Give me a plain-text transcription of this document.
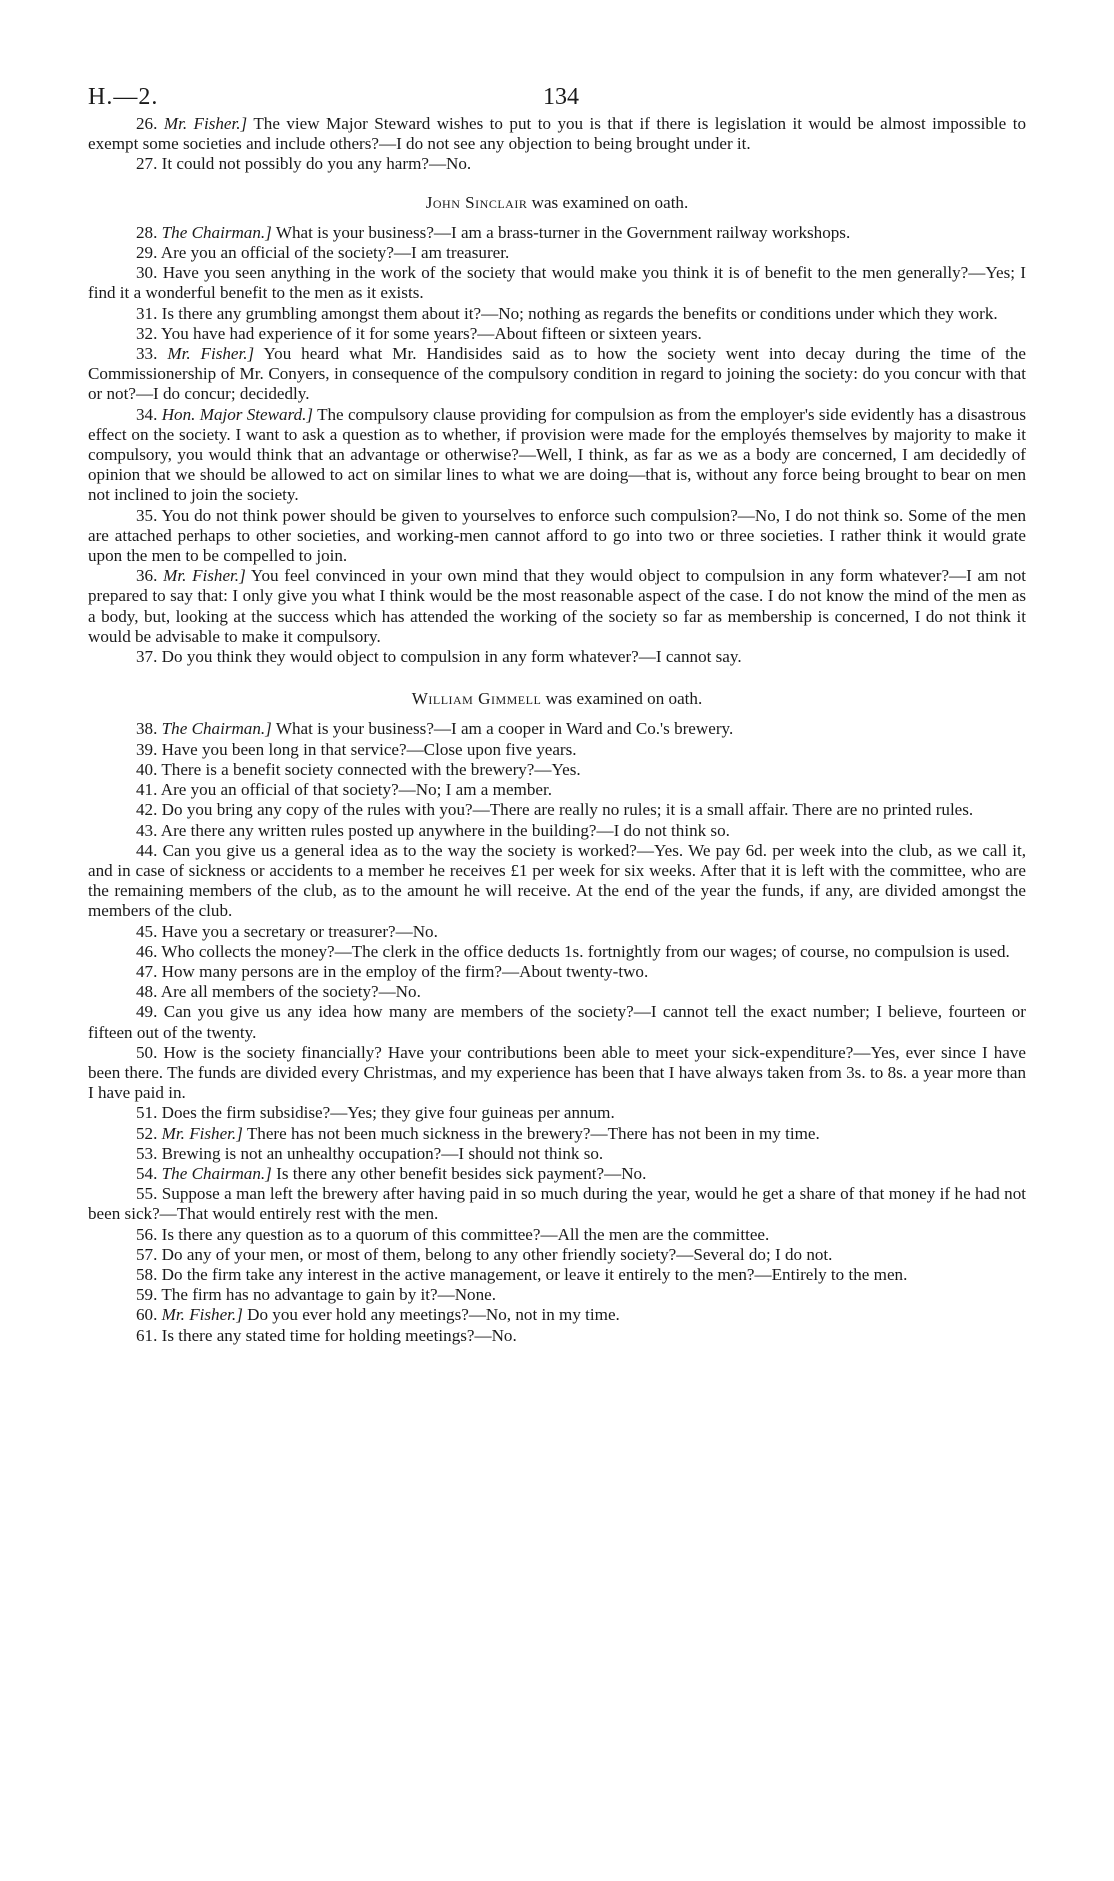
H.—2.	134

26. Mr. Fisher.] The view Major Steward wishes to put to you is that if there is legislation it would be almost impossible to exempt some societies and include others?—I do not see any objection to being brought under it.

27. It could not possibly do you any harm?—No.

John Sinclair was examined on oath.

28. The Chairman.] What is your business?—I am a brass-turner in the Government railway workshops.

29. Are you an official of the society?—I am treasurer.

30. Have you seen anything in the work of the society that would make you think it is of benefit to the men generally?—Yes; I find it a wonderful benefit to the men as it exists.

31. Is there any grumbling amongst them about it?—No; nothing as regards the benefits or conditions under which they work.

32. You have had experience of it for some years?—About fifteen or sixteen years.

33. Mr. Fisher.] You heard what Mr. Handisides said as to how the society went into decay during the time of the Commissionership of Mr. Conyers, in consequence of the compulsory condition in regard to joining the society: do you concur with that or not?—I do concur; decidedly.

34. Hon. Major Steward.] The compulsory clause providing for compulsion as from the employer's side evidently has a disastrous effect on the society. I want to ask a question as to whether, if provision were made for the employés themselves by majority to make it compulsory, you would think that an advantage or otherwise?—Well, I think, as far as we as a body are concerned, I am decidedly of opinion that we should be allowed to act on similar lines to what we are doing—that is, without any force being brought to bear on men not inclined to join the society.

35. You do not think power should be given to yourselves to enforce such compulsion?—No, I do not think so. Some of the men are attached perhaps to other societies, and working-men cannot afford to go into two or three societies. I rather think it would grate upon the men to be compelled to join.

36. Mr. Fisher.] You feel convinced in your own mind that they would object to compulsion in any form whatever?—I am not prepared to say that: I only give you what I think would be the most reasonable aspect of the case. I do not know the mind of the men as a body, but, looking at the success which has attended the working of the society so far as membership is concerned, I do not think it would be advisable to make it compulsory.

37. Do you think they would object to compulsion in any form whatever?—I cannot say.

William Gimmell was examined on oath.

38. The Chairman.] What is your business?—I am a cooper in Ward and Co.'s brewery.

39. Have you been long in that service?—Close upon five years.

40. There is a benefit society connected with the brewery?—Yes.

41. Are you an official of that society?—No; I am a member.

42. Do you bring any copy of the rules with you?—There are really no rules; it is a small affair. There are no printed rules.

43. Are there any written rules posted up anywhere in the building?—I do not think so.

44. Can you give us a general idea as to the way the society is worked?—Yes. We pay 6d. per week into the club, as we call it, and in case of sickness or accidents to a member he receives £1 per week for six weeks. After that it is left with the committee, who are the remaining members of the club, as to the amount he will receive. At the end of the year the funds, if any, are divided amongst the members of the club.

45. Have you a secretary or treasurer?—No.

46. Who collects the money?—The clerk in the office deducts 1s. fortnightly from our wages; of course, no compulsion is used.

47. How many persons are in the employ of the firm?—About twenty-two.

48. Are all members of the society?—No.

49. Can you give us any idea how many are members of the society?—I cannot tell the exact number; I believe, fourteen or fifteen out of the twenty.

50. How is the society financially? Have your contributions been able to meet your sick-expenditure?—Yes, ever since I have been there. The funds are divided every Christmas, and my experience has been that I have always taken from 3s. to 8s. a year more than I have paid in.

51. Does the firm subsidise?—Yes; they give four guineas per annum.

52. Mr. Fisher.] There has not been much sickness in the brewery?—There has not been in my time.

53. Brewing is not an unhealthy occupation?—I should not think so.

54. The Chairman.] Is there any other benefit besides sick payment?—No.

55. Suppose a man left the brewery after having paid in so much during the year, would he get a share of that money if he had not been sick?—That would entirely rest with the men.

56. Is there any question as to a quorum of this committee?—All the men are the committee.

57. Do any of your men, or most of them, belong to any other friendly society?—Several do; I do not.

58. Do the firm take any interest in the active management, or leave it entirely to the men?—Entirely to the men.

59. The firm has no advantage to gain by it?—None.

60. Mr. Fisher.] Do you ever hold any meetings?—No, not in my time.

61. Is there any stated time for holding meetings?—No.
